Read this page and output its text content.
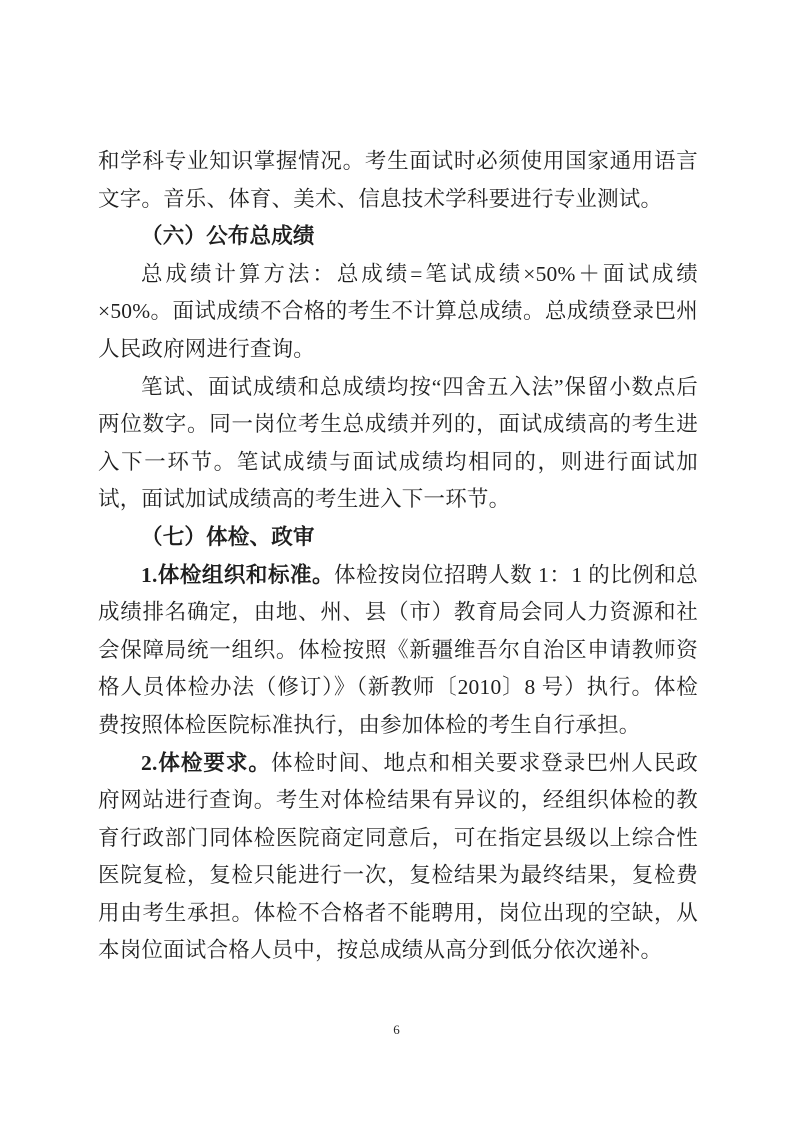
和学科专业知识掌握情况。考生面试时必须使用国家通用语言文字。音乐、体育、美术、信息技术学科要进行专业测试。

（六）公布总成绩

总成绩计算方法：总成绩=笔试成绩×50%＋面试成绩×50%。面试成绩不合格的考生不计算总成绩。总成绩登录巴州人民政府网进行查询。

笔试、面试成绩和总成绩均按“四舍五入法”保留小数点后两位数字。同一岗位考生总成绩并列的，面试成绩高的考生进入下一环节。笔试成绩与面试成绩均相同的，则进行面试加试，面试加试成绩高的考生进入下一环节。

（七）体检、政审

1.体检组织和标准。体检按岗位招聘人数 1：1 的比例和总成绩排名确定，由地、州、县（市）教育局会同人力资源和社会保障局统一组织。体检按照《新疆维吾尔自治区申请教师资格人员体检办法（修订）》（新教师〔2010〕8 号）执行。体检费按照体检医院标准执行，由参加体检的考生自行承担。

2.体检要求。体检时间、地点和相关要求登录巴州人民政府网站进行查询。考生对体检结果有异议的，经组织体检的教育行政部门同体检医院商定同意后，可在指定县级以上综合性医院复检，复检只能进行一次，复检结果为最终结果，复检费用由考生承担。体检不合格者不能聘用，岗位出现的空缺，从本岗位面试合格人员中，按总成绩从高分到低分依次递补。

6
